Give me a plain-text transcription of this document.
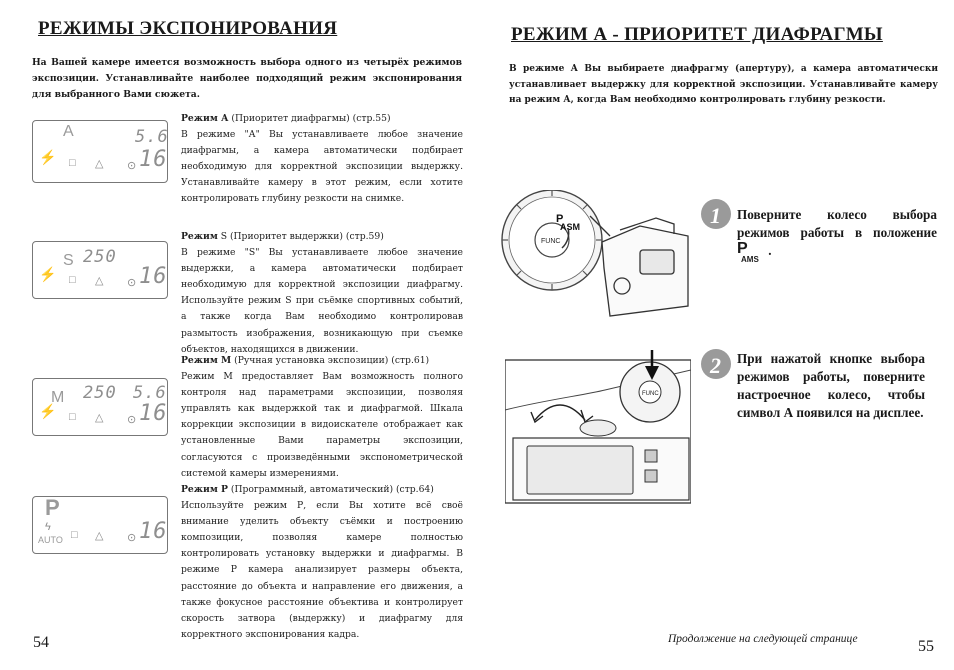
РЕЖИМЫ ЭКСПОНИРОВАНИЯ
На Вашей камере имеется возможность выбора одного из четырёх режимов экспозиции. Устанавливайте наиболее подходящий режим экспонирования для выбранного Вами сюжета.
Режим А (Приоритет диафрагмы) (стр.55)
В режиме "А" Вы устанавливаете любое значение диафрагмы, а камера автоматически подбирает необходимую для корректной экспозиции выдержку. Устанавливайте камеру в этот режим, если хотите контролировать глубину резкости на снимке.
A	5.6
16
⚡ □ △ ⊙
Режим S (Приоритет выдержки) (стр.59)
В режиме "S" Вы устанавливаете любое значение выдержки, а камера автоматически подбирает необходимую для корректной экспозиции диафрагму. Используйте режим S при съёмке спортивных событий, а также когда Вам необходимо контролировав размытость изображения, возникающую при съемке объектов, находящихся в движении.
S 250
16
⚡ □ △ ⊙
Режим М (Ручная установка экспозиции) (стр.61)
Режим М предоставляет Вам возможность полного контроля над параметрами экспозиции, позволяя управлять как выдержкой так и диафрагмой. Шкала коррекции экспозиции в видоискателе отображает как установленные Вами параметры экспозиции, согласуются с произведёнными экспонометрической системой камеры измерениями.
M 250 5.6
16
⚡ □ △ ⊙
Режим Р (Программный, автоматический) (стр.64)
Используйте режим Р, если Вы хотите всё своё внимание уделить объекту съёмки и построению композиции, позволяя камере полностью контролировать установку выдержки и диафрагмы. В режиме Р камера анализирует размеры объекта, расстояние до объекта и направление его движения, а также фокусное расстояние объектива и контролирует скорость затвора (выдержку) и диафрагму для корректного экспонирования кадра.
P
16
ϟ
AUTO □ △ ⊙
54
РЕЖИМ А - ПРИОРИТЕТ ДИАФРАГМЫ
В режиме А Вы выбираете диафрагму (апертуру), а камера автоматически устанавливает выдержку для корректной экспозиции. Устанавливайте камеру на режим А, когда Вам необходимо контролировать глубину резкости.
FUNC
ASM
P	1 Поверните колесо выбора режимов работы в положение
P
AMS
.
FUNC
2 При нажатой кнопке выбора режимов работы, поверните настроечное колесо, чтобы символ А появился на дисплее.
Продолжение на следующей странице	55
